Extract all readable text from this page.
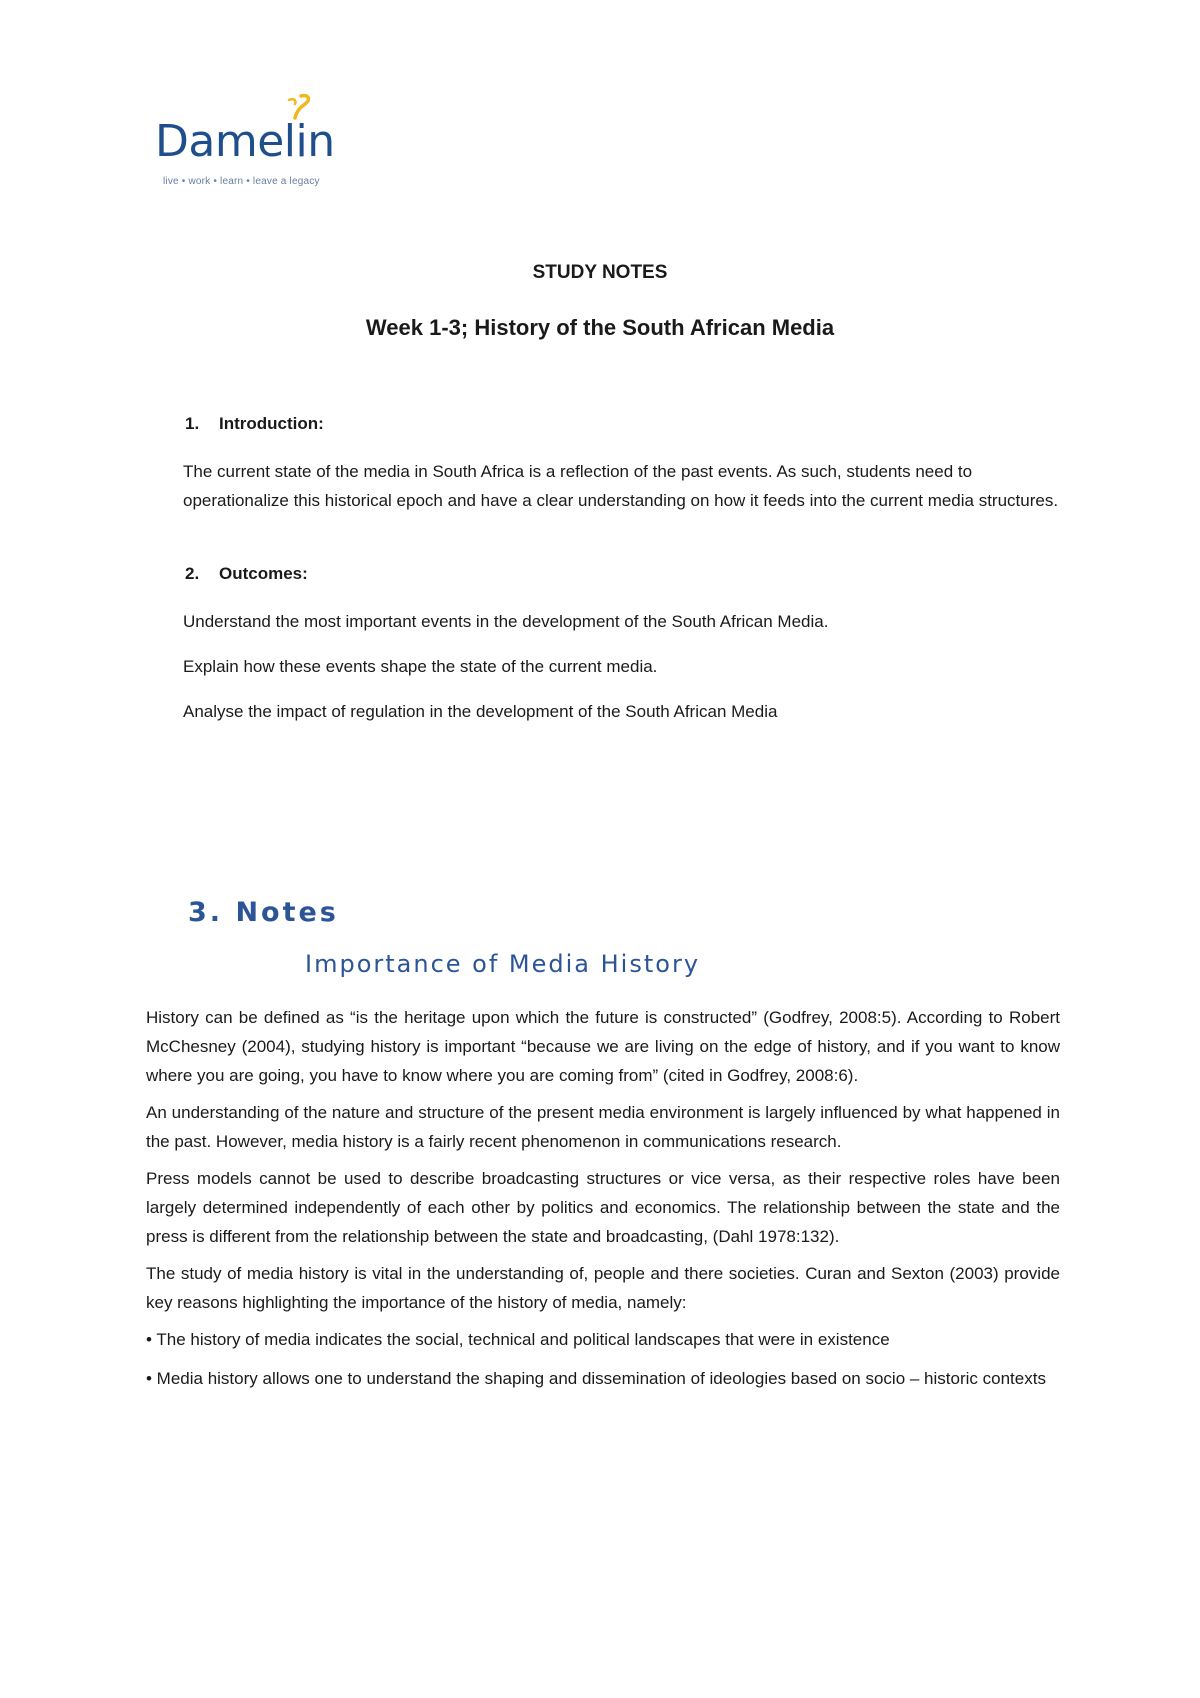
Damelin
live • work • learn • leave a legacy
STUDY NOTES
Week 1-3; History of the South African Media
1. Introduction:
The current state of the media in South Africa is a reflection of the past events. As such, students need to operationalize this historical epoch and have a clear understanding on how it feeds into the current media structures.
2. Outcomes:
Understand the most important events in the development of the South African Media.
Explain how these events shape the state of the current media.
Analyse the impact of regulation in the development of the South African Media
3. Notes
Importance of Media History
History can be defined as “is the heritage upon which the future is constructed” (Godfrey, 2008:5). According to Robert McChesney (2004), studying history is important “because we are living on the edge of history, and if you want to know where you are going, you have to know where you are coming from” (cited in Godfrey, 2008:6).
An understanding of the nature and structure of the present media environment is largely influenced by what happened in the past. However, media history is a fairly recent phenomenon in communications research.
Press models cannot be used to describe broadcasting structures or vice versa, as their respective roles have been largely determined independently of each other by politics and economics. The relationship between the state and the press is different from the relationship between the state and broadcasting, (Dahl 1978:132).
The study of media history is vital in the understanding of, people and there societies. Curan and Sexton (2003) provide key reasons highlighting the importance of the history of media, namely:
• The history of media indicates the social, technical and political landscapes that were in existence
• Media history allows one to understand the shaping and dissemination of ideologies based on socio – historic contexts
